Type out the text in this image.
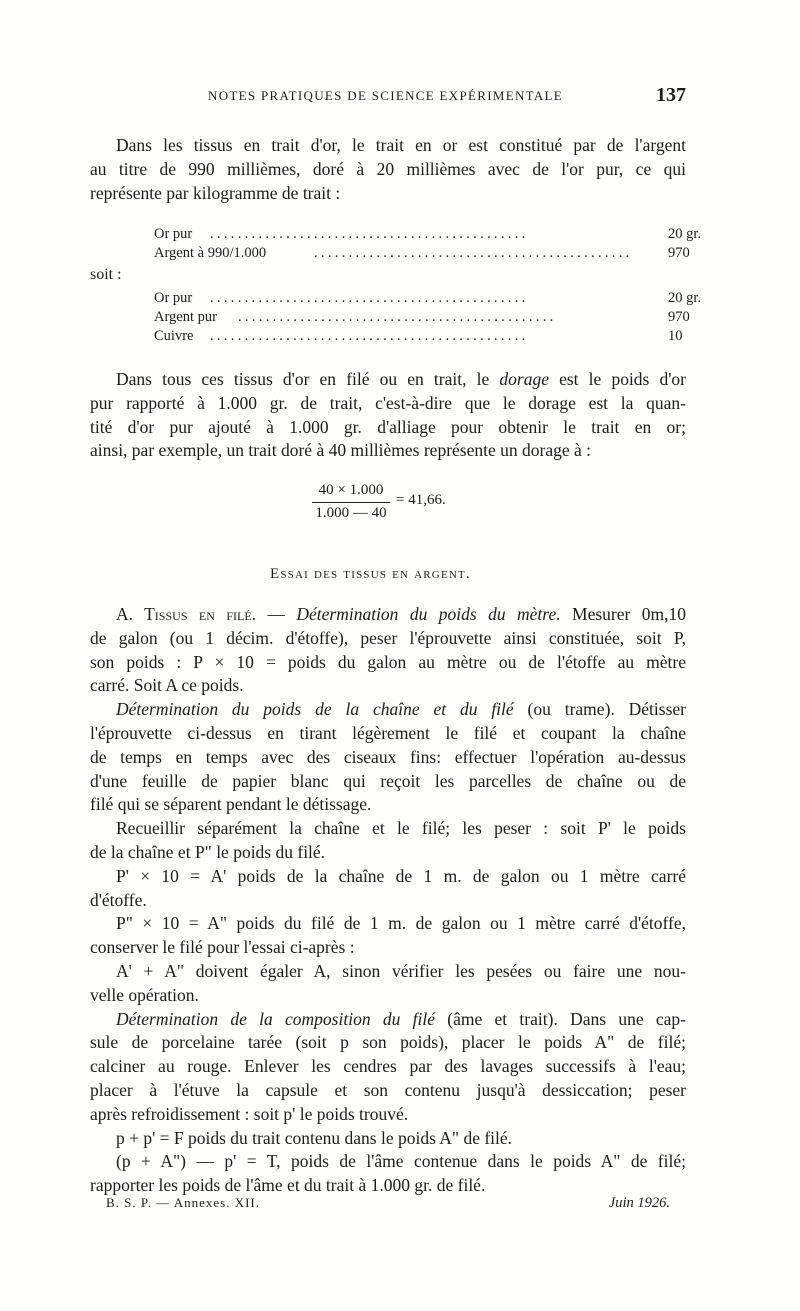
NOTES PRATIQUES DE SCIENCE EXPÉRIMENTALE	137

Dans les tissus en trait d'or, le trait en or est constitué par de l'argent

au titre de 990 millièmes, doré à 20 millièmes avec de l'or pur, ce qui

représente par kilogramme de trait :

soit :
Or pur ..............................................	20 gr.
Argent à 990/1.000	..............................................	970
Or pur ..............................................	20 gr.
Argent pur ..............................................	970
Cuivre ..............................................	10

Dans tous ces tissus d'or en filé ou en trait, le dorage est le poids d'or

pur rapporté à 1.000 gr. de trait, c'est-à-dire que le dorage est la quan-

tité d'or pur ajouté à 1.000 gr. d'alliage pour obtenir le trait en or;

ainsi, par exemple, un trait doré à 40 millièmes représente un dorage à :

$\frac{40 \times 1.000}{1.000 — 40} = 41,66$.
Essai des tissus en argent.

A. Tissus en filé. — Détermination du poids du mètre. Mesurer 0m,10

de galon (ou 1 décim. d'étoffe), peser l'éprouvette ainsi constituée, soit P,

son poids : P × 10 = poids du galon au mètre ou de l'étoffe au mètre

carré. Soit A ce poids.

Détermination du poids de la chaîne et du filé (ou trame). Détisser

l'éprouvette ci-dessus en tirant légèrement le filé et coupant la chaîne

de temps en temps avec des ciseaux fins: effectuer l'opération au-dessus

d'une feuille de papier blanc qui reçoit les parcelles de chaîne ou de

filé qui se séparent pendant le détissage.

Recueillir séparément la chaîne et le filé; les peser : soit P' le poids

de la chaîne et P" le poids du filé.

P' × 10 = A' poids de la chaîne de 1 m. de galon ou 1 mètre carré

d'étoffe.

P" × 10 = A" poids du filé de 1 m. de galon ou 1 mètre carré d'étoffe,

conserver le filé pour l'essai ci-après :

A' + A" doivent égaler A, sinon vérifier les pesées ou faire une nou-

velle opération.

Détermination de la composition du filé (âme et trait). Dans une cap-

sule de porcelaine tarée (soit p son poids), placer le poids A" de filé;

calciner au rouge. Enlever les cendres par des lavages successifs à l'eau;

placer à l'étuve la capsule et son contenu jusqu'à dessiccation; peser

après refroidissement : soit p' le poids trouvé.

p + p' = F poids du trait contenu dans le poids A" de filé.

(p + A") — p' = T, poids de l'âme contenue dans le poids A" de filé;

rapporter les poids de l'âme et du trait à 1.000 gr. de filé.

B. S. P. — Annexes. XII.	Juin 1926.
